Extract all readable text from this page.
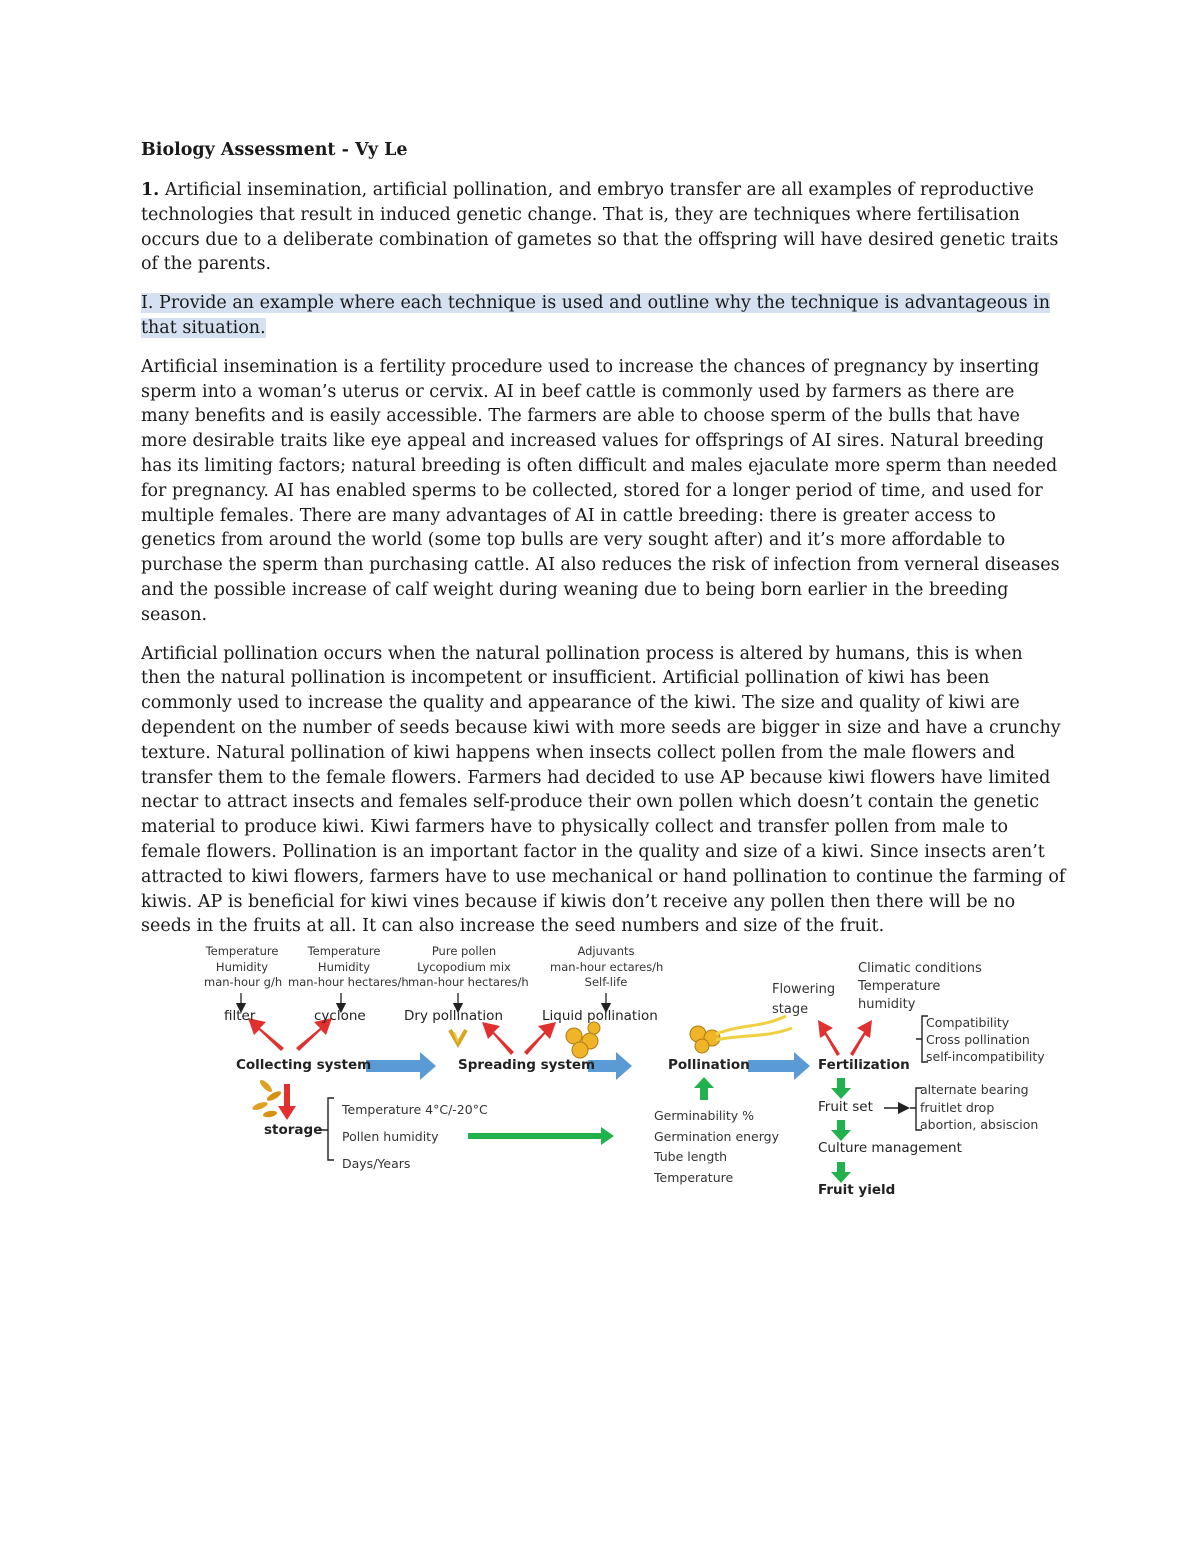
Biology Assessment - Vy Le

1. Artificial insemination, artificial pollination, and embryo transfer are all examples of reproductive technologies that result in induced genetic change. That is, they are techniques where fertilisation occurs due to a deliberate combination of gametes so that the offspring will have desired genetic traits of the parents.

I. Provide an example where each technique is used and outline why the technique is advantageous in that situation.

Artificial insemination is a fertility procedure used to increase the chances of pregnancy by inserting sperm into a woman’s uterus or cervix. AI in beef cattle is commonly used by farmers as there are many benefits and is easily accessible. The farmers are able to choose sperm of the bulls that have more desirable traits like eye appeal and increased values for offsprings of AI sires. Natural breeding has its limiting factors; natural breeding is often difficult and males ejaculate more sperm than needed for pregnancy. AI has enabled sperms to be collected, stored for a longer period of time, and used for multiple females. There are many advantages of AI in cattle breeding: there is greater access to genetics from around the world (some top bulls are very sought after) and it’s more affordable to purchase the sperm than purchasing cattle. AI also reduces the risk of infection from verneral diseases and the possible increase of calf weight during weaning due to being born earlier in the breeding season.

Artificial pollination occurs when the natural pollination process is altered by humans, this is when then the natural pollination is incompetent or insufficient. Artificial pollination of kiwi has been commonly used to increase the quality and appearance of the kiwi. The size and quality of kiwi are dependent on the number of seeds because kiwi with more seeds are bigger in size and have a crunchy texture. Natural pollination of kiwi happens when insects collect pollen from the male flowers and transfer them to the female flowers. Farmers had decided to use AP because kiwi flowers have limited nectar to attract insects and females self-produce their own pollen which doesn’t contain the genetic material to produce kiwi. Kiwi farmers have to physically collect and transfer pollen from male to female flowers. Pollination is an important factor in the quality and size of a kiwi. Since insects aren’t attracted to kiwi flowers, farmers have to use mechanical or hand pollination to continue the farming of kiwis. AP is beneficial for kiwi vines because if kiwis don’t receive any pollen then there will be no seeds in the fruits at all. It can also increase the seed numbers and size of the fruit.

Temperature
Humidity
man-hour g/h
Temperature
Humidity
man-hour hectares/h
Pure pollen
Lycopodium mix
man-hour hectares/h
Adjuvants
man-hour ectares/h
Self-life
filter	cyclone	Dry pollination	Liquid pollination
Collecting system	Spreading system	Pollination	Fertilization
Flowering
stage
Climatic conditions
Temperature
humidity
Compatibility
Cross pollination
self-incompatibility
storage
Temperature 4°C/-20°C
Pollen humidity
Days/Years
Germinability %
Germination energy
Tube length
Temperature
Fruit set
alternate bearing
fruitlet drop
abortion, absiscion
Culture management
Fruit yield
